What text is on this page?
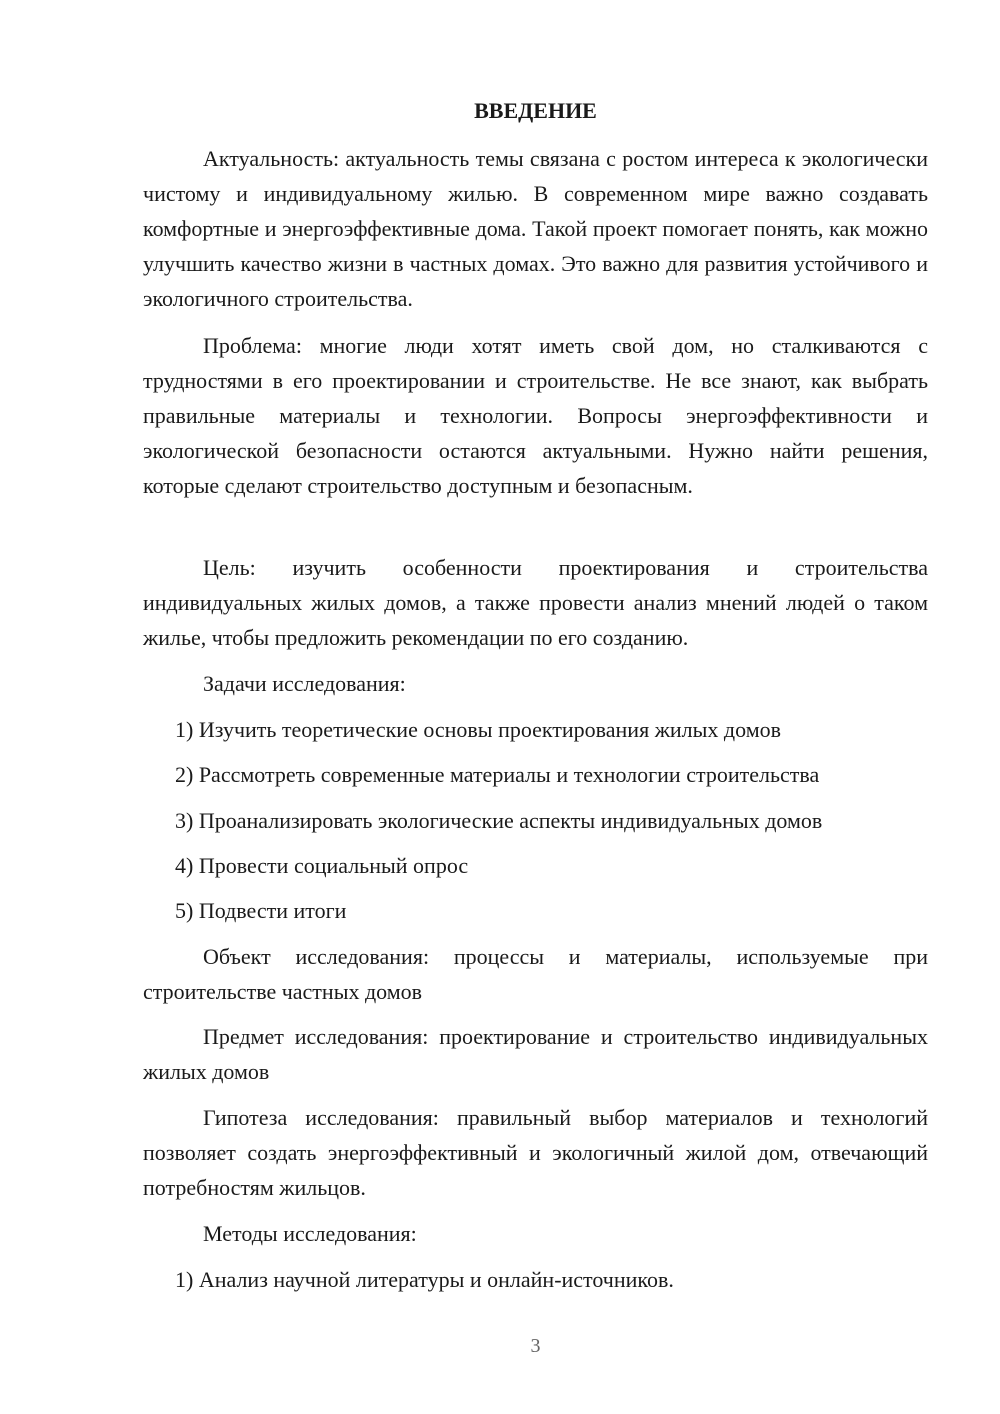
ВВЕДЕНИЕ

Актуальность: актуальность темы связана с ростом интереса к экологически чистому и индивидуальному жилью. В современном мире важно создавать комфортные и энергоэффективные дома. Такой проект помогает понять, как можно улучшить качество жизни в частных домах. Это важно для развития устойчивого и экологичного строительства.

Проблема: многие люди хотят иметь свой дом, но сталкиваются с трудностями в его проектировании и строительстве. Не все знают, как выбрать правильные материалы и технологии. Вопросы энергоэффективности и экологической безопасности остаются актуальными. Нужно найти решения, которые сделают строительство доступным и безопасным.

Цель: изучить особенности проектирования и строительства индивидуальных жилых домов, а также провести анализ мнений людей о таком жилье, чтобы предложить рекомендации по его созданию.

Задачи исследования:

1) Изучить теоретические основы проектирования жилых домов

2) Рассмотреть современные материалы и технологии строительства

3) Проанализировать экологические аспекты индивидуальных домов

4) Провести социальный опрос

5) Подвести итоги

Объект исследования: процессы и материалы, используемые при строительстве частных домов

Предмет исследования: проектирование и строительство индивидуальных жилых домов

Гипотеза исследования: правильный выбор материалов и технологий позволяет создать энергоэффективный и экологичный жилой дом, отвечающий потребностям жильцов.

Методы исследования:

1) Анализ научной литературы и онлайн-источников.

3
